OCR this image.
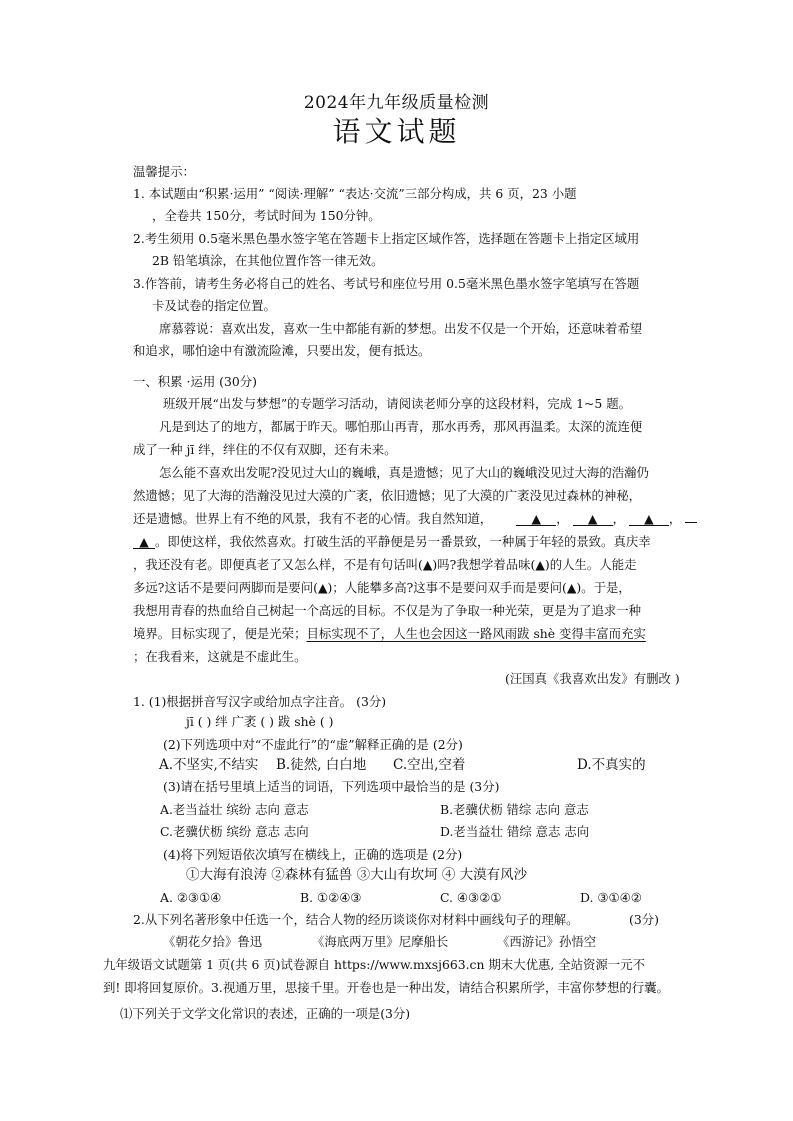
2024年九年级质量检测
语文试题
温馨提示：
1. 本试题由“积累·运用” “阅读·理解” “表达·交流”三部分构成，共 6 页，23 小题
，全卷共 150分，考试时间为 150分钟。
2.考生须用 0.5毫米黑色墨水签字笔在答题卡上指定区域作答，选择题在答题卡上指定区域用
2B 铅笔填涂，在其他位置作答一律无效。
3.作答前，请考生务必将自己的姓名、考试号和座位号用 0.5毫米黑色墨水签字笔填写在答题
卡及试卷的指定位置。
席慕蓉说：喜欢出发，喜欢一生中都能有新的梦想。出发不仅是一个开始，还意味着希望
和追求，哪怕途中有激流险滩，只要出发，便有抵达。
一、积累 ·运用 (30分)
班级开展“出发与梦想”的专题学习活动，请阅读老师分享的这段材料，完成 1~5 题。
凡是到达了的地方，都属于昨天。哪怕那山再青，那水再秀，那风再温柔。太深的流连便
成了一种 jī 绊，绊住的不仅有双脚，还有未来。
怎么能不喜欢出发呢?没见过大山的巍峨，真是遗憾；见了大山的巍峨没见过大海的浩瀚仍
然遗憾；见了大海的浩瀚没见过大漠的广袤，依旧遗憾；见了大漠的广袤没见过森林的神秘，
还是遗憾。世界上有不绝的风景，我有不老的心情。我自然知道，	▲ ， ▲ ， ▲ ，
▲ 。即使这样，我依然喜欢。打破生活的平静便是另一番景致，一种属于年轻的景致。真庆幸
，我还没有老。即便真老了又怎么样，不是有句话叫(▲)吗?我想学着品味(▲)的人生。人能走
多远?这话不是要问两脚而是要问(▲)；人能攀多高?这事不是要问双手而是要问(▲)。于是，
我想用青春的热血给自己树起一个高远的目标。不仅是为了争取一种光荣，更是为了追求一种
境界。目标实现了，便是光荣；目标实现不了，人生也会因这一路风雨跋 shè 变得丰富而充实
；在我看来，这就是不虚此生。
(汪国真《我喜欢出发》有删改 )
1. (1)根据拼音写汉字或给加点字注音。 (3分)
jī ( ) 绊 广袤 ( ) 跋 shè ( )
(2)下列选项中对“不虚此行”的“虚”解释正确的是 (2分)
A.不坚实,不结实 B.徒然, 白白地 C.空出,空着	D.不真实的
(3)请在括号里填上适当的词语，下列选项中最恰当的是 (3分)
A.老当益壮 缤纷 志向 意志	B.老骥伏枥 错综 志向 意志
C.老骥伏枥 缤纷 意志 志向	D.老当益壮 错综 意志 志向
(4)将下列短语依次填写在横线上，正确的选项是 (2分)
①大海有浪涛 ②森林有猛兽 ③大山有坎坷 ④ 大漠有风沙
A. ②③①④	B. ①②④③	C. ④③②①	D. ③①④②
2.从下列名著形象中任选一个，结合人物的经历谈谈你对材料中画线句子的理解。	(3分)
《朝花夕拾》鲁迅	《海底两万里》尼摩船长	《西游记》孙悟空
九年级语文试题第 1 页(共 6 页)试卷源自 https://www.mxsj663.cn 期末大优惠, 全站资源一元不
到! 即将回复原价。3.视通万里，思接千里。开卷也是一种出发，请结合积累所学，丰富你梦想的行囊。
⑴下列关于文学文化常识的表述，正确的一项是(3分)
